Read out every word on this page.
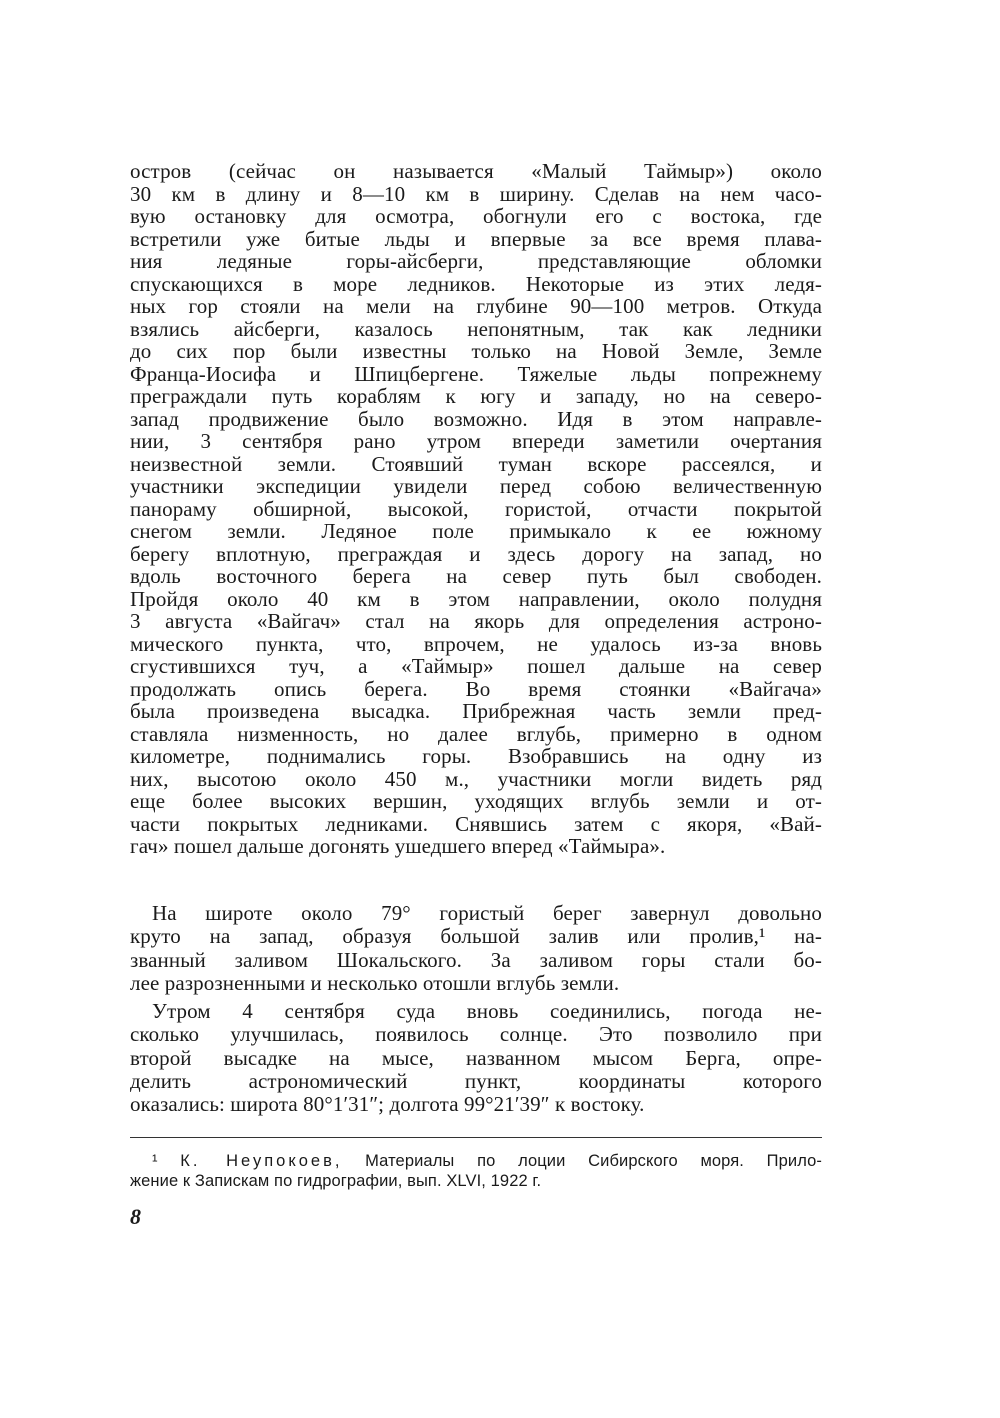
остров (сейчас он называется «Малый Таймыр») около
30 км в длину и 8—10 км в ширину. Сделав на нем часо-
вую остановку для осмотра, обогнули его с востока, где
встретили уже битые льды и впервые за все время плава-
ния ледяные горы-айсберги, представляющие обломки
спускающихся в море ледников. Некоторые из этих ледя-
ных гор стояли на мели на глубине 90—100 метров. Откуда
взялись айсберги, казалось непонятным, так как ледники
до сих пор были известны только на Новой Земле, Земле
Франца-Иосифа и Шпицбергене. Тяжелые льды попрежнему
преграждали путь кораблям к югу и западу, но на северо-
запад продвижение было возможно. Идя в этом направле-
нии, 3 сентября рано утром впереди заметили очертания
неизвестной земли. Стоявший туман вскоре рассеялся, и
участники экспедиции увидели перед собою величественную
панораму обширной, высокой, гористой, отчасти покрытой
снегом земли. Ледяное поле примыкало к ее южному
берегу вплотную, преграждая и здесь дорогу на запад, но
вдоль восточного берега на север путь был свободен.
Пройдя около 40 км в этом направлении, около полудня
3 августа «Вайгач» стал на якорь для определения астроно-
мического пункта, что, впрочем, не удалось из-за вновь
сгустившихся туч, а «Таймыр» пошел дальше на север
продолжать опись берега. Во время стоянки «Вайгача»
была произведена высадка. Прибрежная часть земли пред-
ставляла низменность, но далее вглубь, примерно в одном
километре, поднимались горы. Взобравшись на одну из
них, высотою около 450 м., участники могли видеть ряд
еще более высоких вершин, уходящих вглубь земли и от-
части покрытых ледниками. Снявшись затем с якоря, «Вай-
гач» пошел дальше догонять ушедшего вперед «Таймыра».
На широте около 79° гористый берег завернул довольно
круто на запад, образуя большой залив или пролив,¹ на-
званный заливом Шокальского. За заливом горы стали бо-
лее разрозненными и несколько отошли вглубь земли.
Утром 4 сентября суда вновь соединились, погода не-
сколько улучшилась, появилось солнце. Это позволило при
второй высадке на мысе, названном мысом Берга, опре-
делить астрономический пункт, координаты которого
оказались: широта 80°1′31″; долгота 99°21′39″ к востоку.
¹ К. Неупокоев, Материалы по лоции Сибирского моря. Прило-
жение к Запискам по гидрографии, вып. XLVI, 1922 г.
8
